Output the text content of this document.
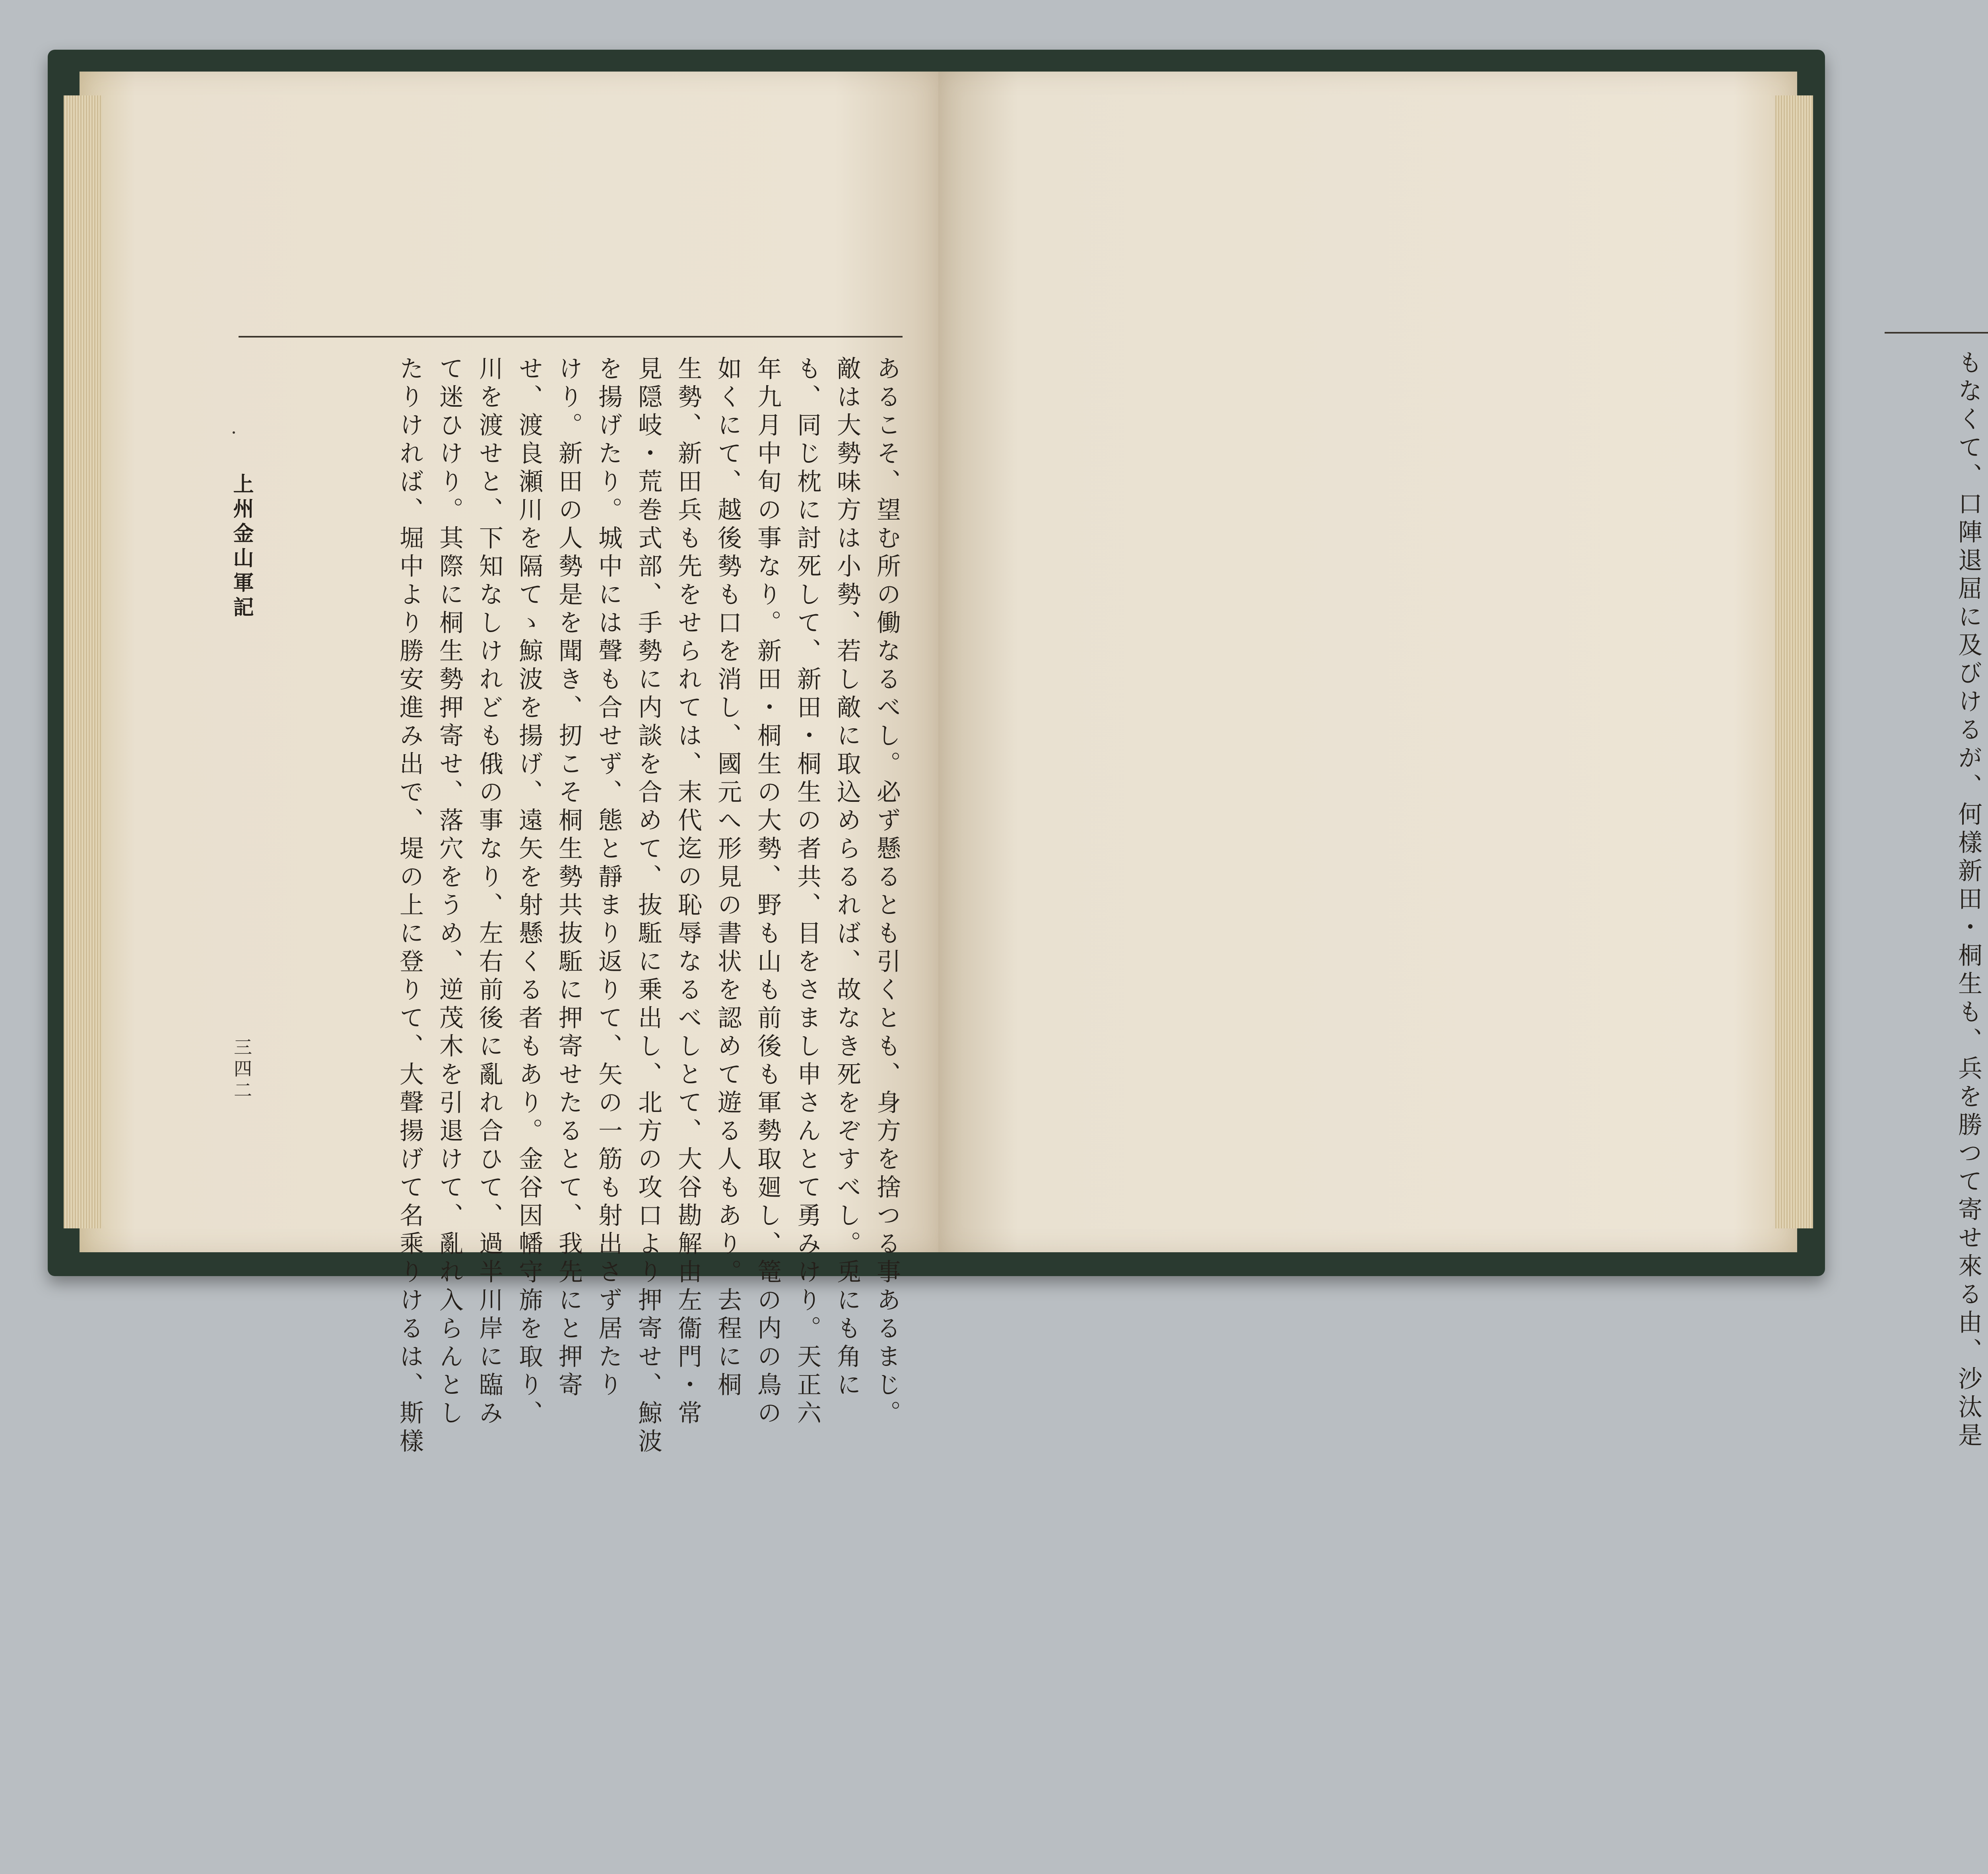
上州金山軍記
三四二	あるこそ、望む所の働なるべし。必ず懸るとも引くとも、身方を捨つる事あるまじ。
敵は大勢味方は小勢、若し敵に取込めらるれば、故なき死をぞすべし。兎にも角に
も、同じ枕に討死して、新田・桐生の者共、目をさまし申さんとて勇みけり。天正六
年九月中旬の事なり。新田・桐生の大勢、野も山も前後も軍勢取廻し、篭の内の鳥の
如くにて、越後勢も口を消し、國元へ形見の書状を認めて遊る人もあり。去程に桐
生勢、新田兵も先をせられては、末代迄の恥辱なるべしとて、大谷勘解由左衞門・常
見隠岐・荒巻式部、手勢に内談を合めて、抜駈に乗出し、北方の攻口より押寄せ、鯨波
を揚げたり。城中には聲も合せず、態と靜まり返りて、矢の一筋も射出さず居たり
けり。新田の人勢是を聞き、扨こそ桐生勢共抜駈に押寄せたるとて、我先にと押寄
せ、渡良瀬川を隔てゝ鯨波を揚げ、遠矢を射懸くる者もあり。金谷因幡守旆を取り、
川を渡せと、下知なしけれども俄の事なり、左右前後に亂れ合ひて、過半川岸に臨み
て迷ひけり。其際に桐生勢押寄せ、落穴をうめ、逆茂木を引退けて、亂れ入らんとし
たりければ、堀中より勝安進み出で、堤の上に登りて、大聲揚げて名乘りけるは、斯樣	もなくて、口陣退屈に及びけるが、何樣新田・桐生も、兵を勝つて寄せ來る由、沙汰是
